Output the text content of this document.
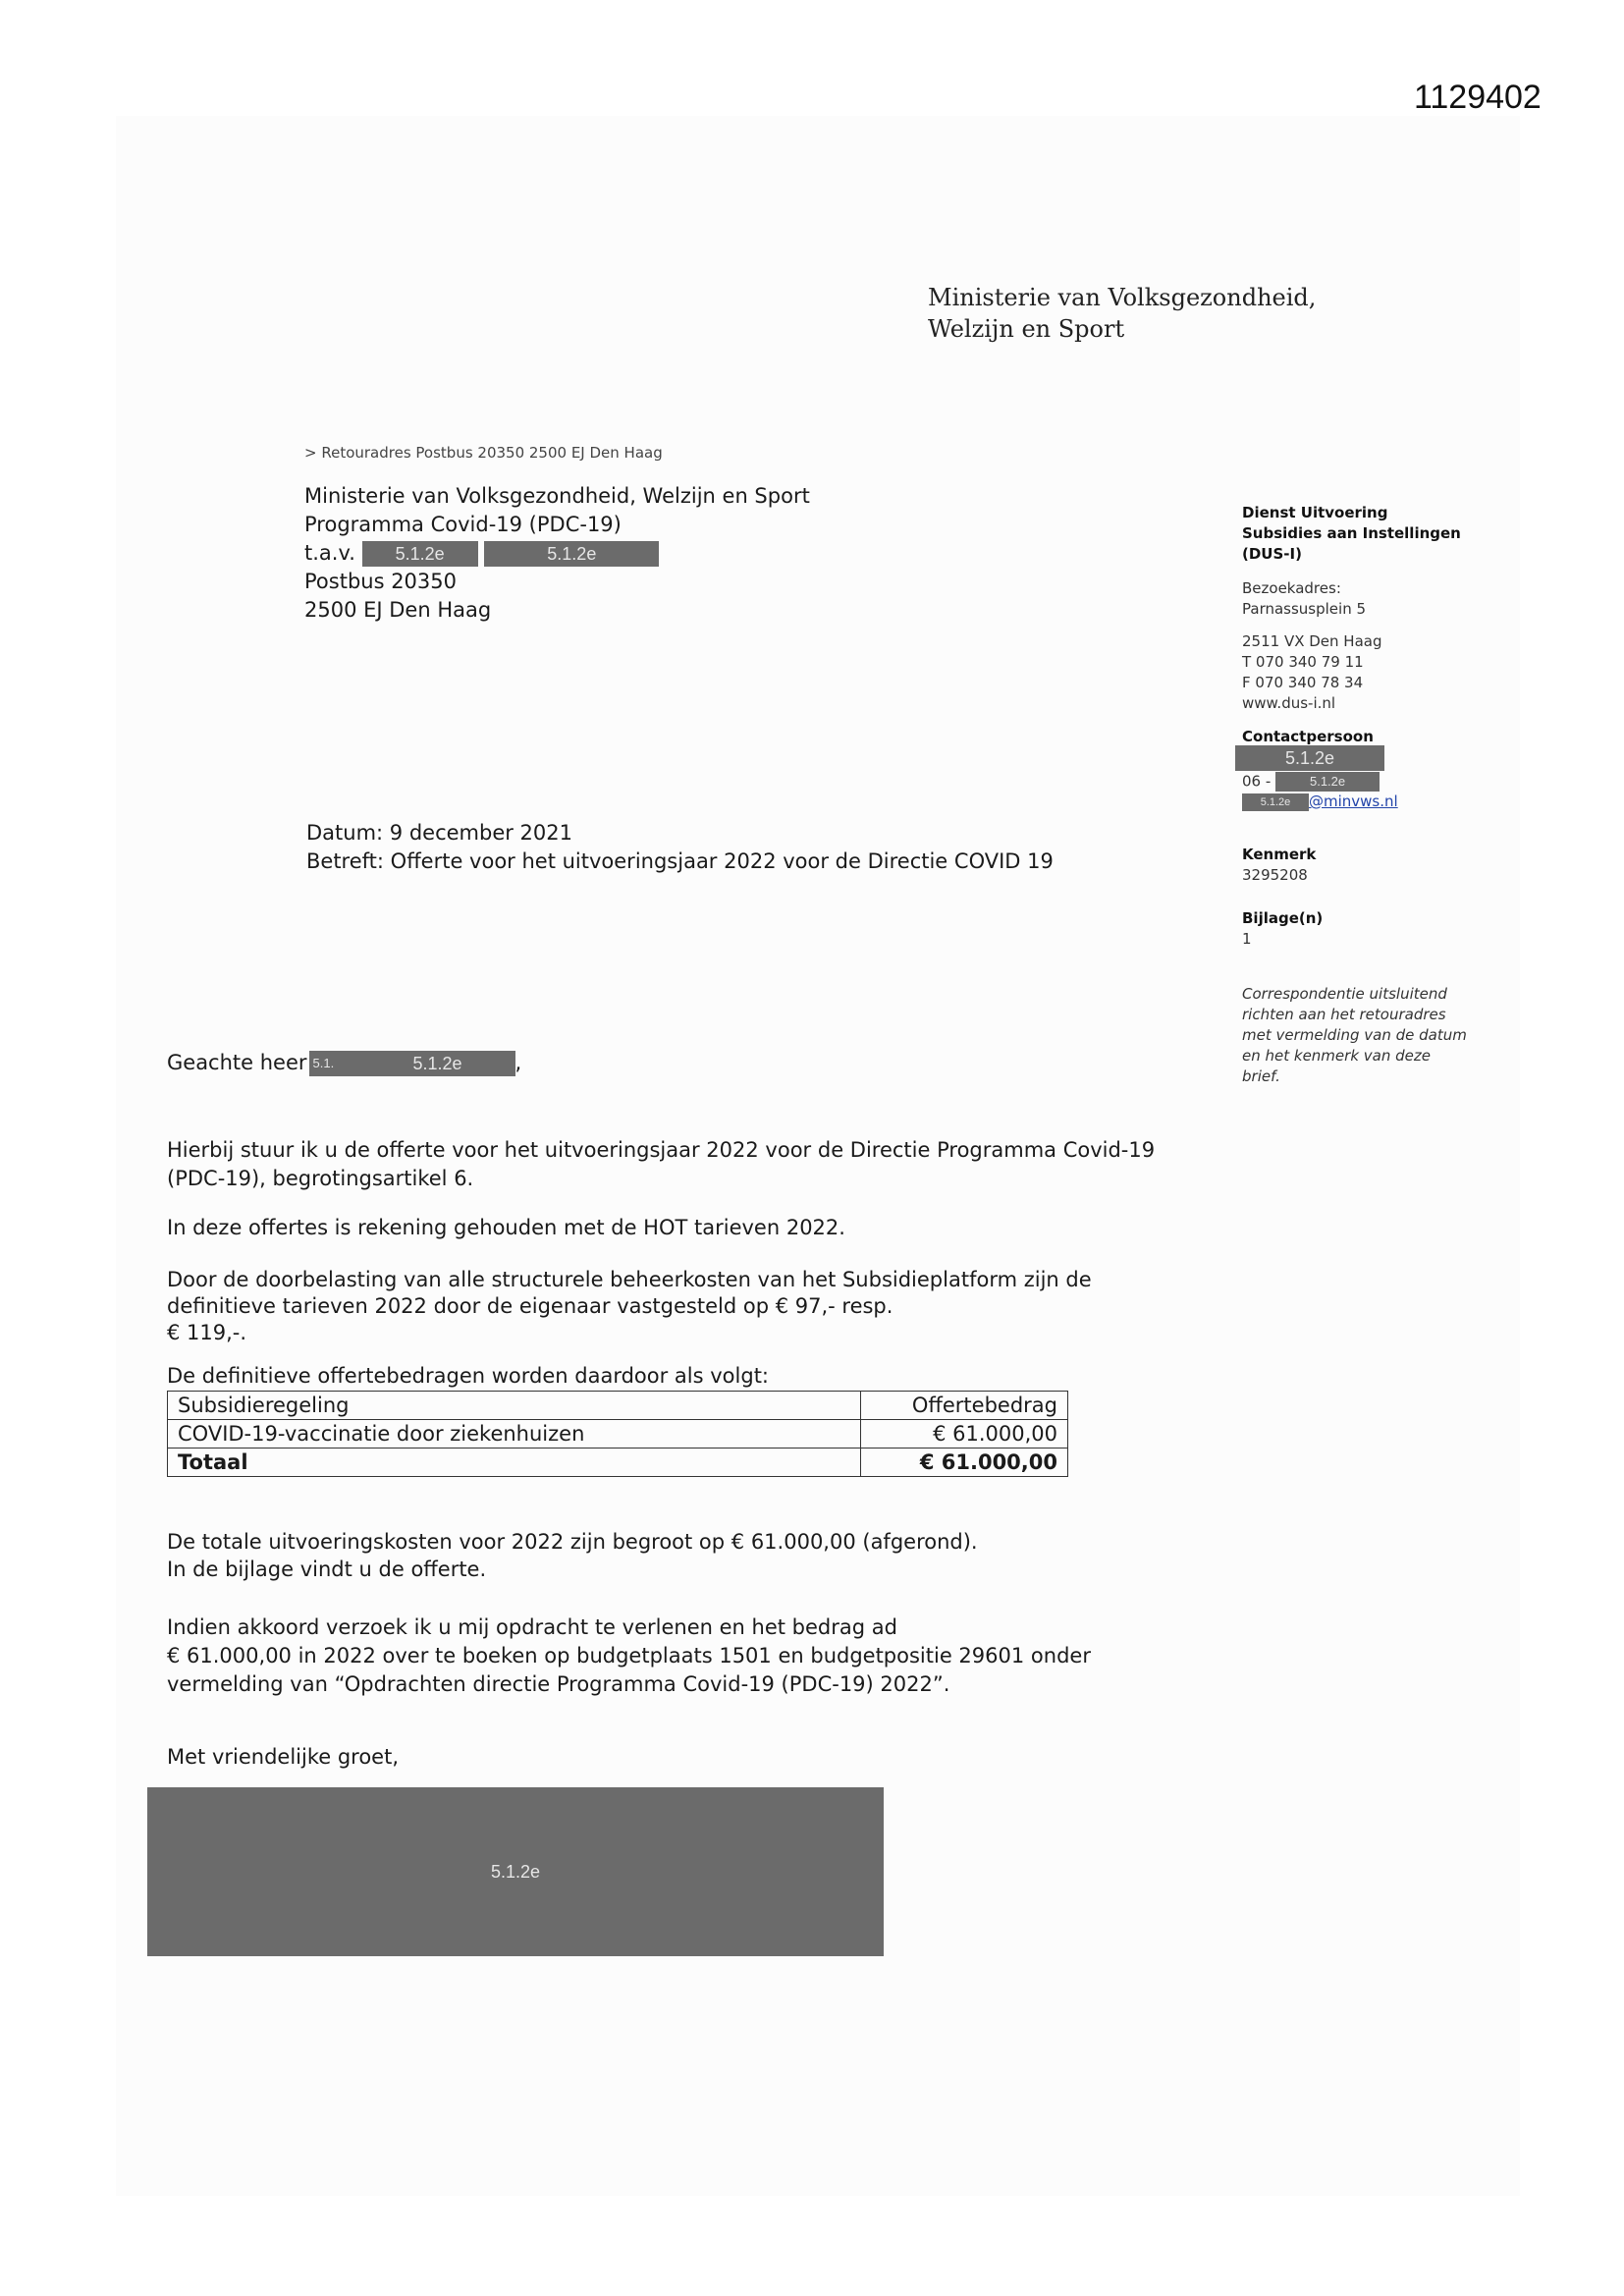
1129402
Ministerie van Volksgezondheid,
Welzijn en Sport
> Retouradres Postbus 20350 2500 EJ Den Haag
Ministerie van Volksgezondheid, Welzijn en Sport
Programma Covid-19 (PDC-19)
t.a.v. 5.1.2e	5.1.2e
Postbus 20350
2500 EJ Den Haag
Dienst Uitvoering
Subsidies aan Instellingen
(DUS-I)
Bezoekadres:
Parnassusplein 5
2511 VX Den Haag
T 070 340 79 11
F 070 340 78 34
www.dus-i.nl
Contactpersoon
5.1.2e
06 -	5.1.2e
5.1.2e @minvws.nl
Kenmerk
3295208
Bijlage(n)
1
Correspondentie uitsluitend
richten aan het retouradres
met vermelding van de datum
en het kenmerk van deze
brief.
Datum: 9 december 2021
Betreft: Offerte voor het uitvoeringsjaar 2022 voor de Directie COVID 19
Geachte heer 5.1.	5.1.2e	,

Hierbij stuur ik u de offerte voor het uitvoeringsjaar 2022 voor de Directie Programma Covid-19

(PDC-19), begrotingsartikel 6.

In deze offertes is rekening gehouden met de HOT tarieven 2022.

Door de doorbelasting van alle structurele beheerkosten van het Subsidieplatform zijn de

definitieve tarieven 2022 door de eigenaar vastgesteld op € 97,- resp.

€ 119,-.

De definitieve offertebedragen worden daardoor als volgt:

Subsidieregeling	Offertebedrag
COVID-19-vaccinatie door ziekenhuizen	€ 61.000,00
Totaal	€ 61.000,00

De totale uitvoeringskosten voor 2022 zijn begroot op € 61.000,00 (afgerond).

In de bijlage vindt u de offerte.

Indien akkoord verzoek ik u mij opdracht te verlenen en het bedrag ad

€ 61.000,00 in 2022 over te boeken op budgetplaats 1501 en budgetpositie 29601 onder

vermelding van “Opdrachten directie Programma Covid-19 (PDC-19) 2022”.

Met vriendelijke groet,

5.1.2e
